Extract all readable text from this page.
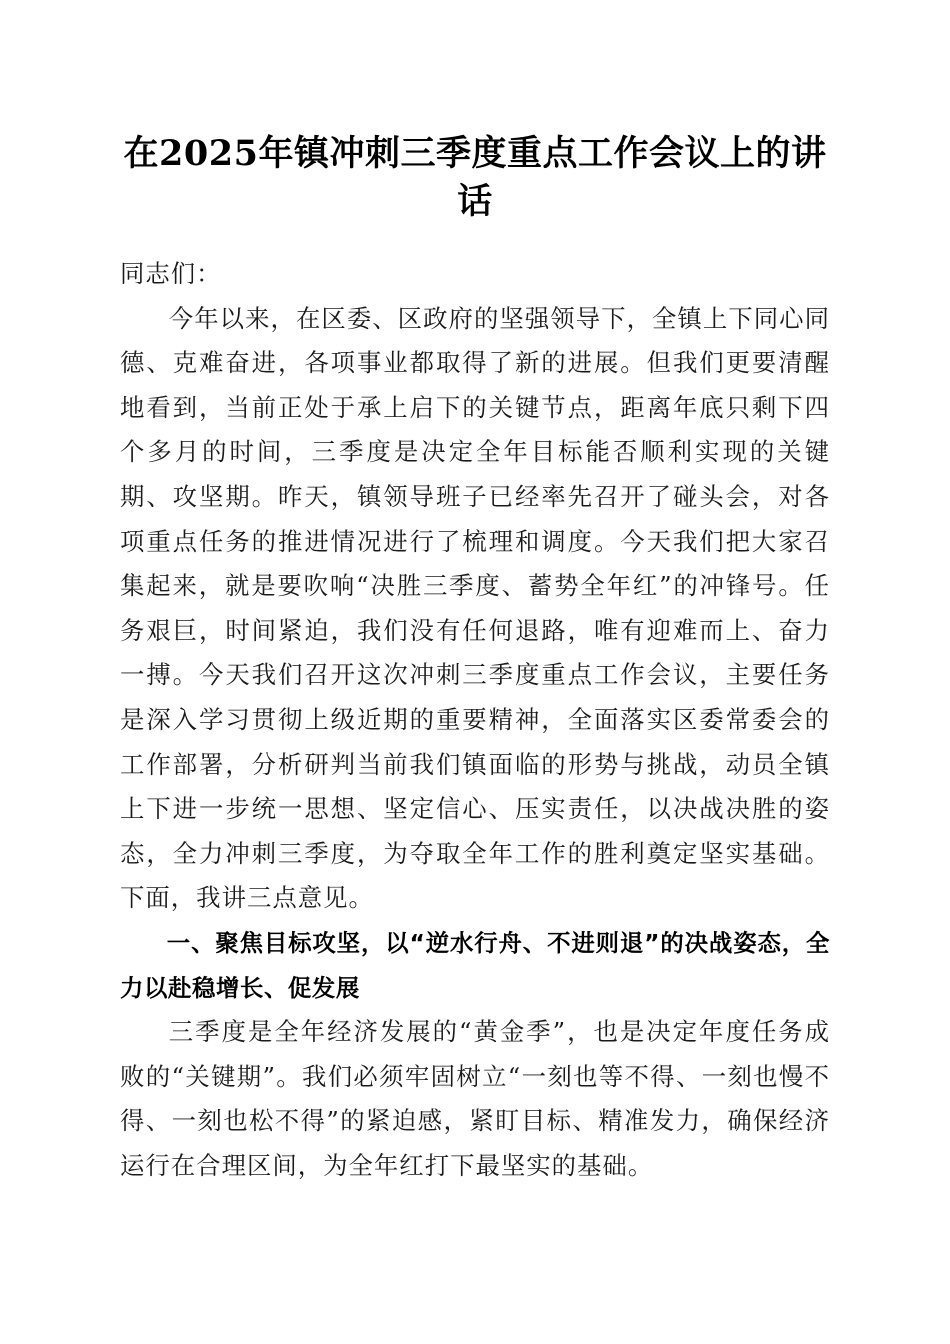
在2025年镇冲刺三季度重点工作会议上的讲话

同志们：

今年以来，在区委、区政府的坚强领导下，全镇上下同心同德、克难奋进，各项事业都取得了新的进展。但我们更要清醒地看到，当前正处于承上启下的关键节点，距离年底只剩下四个多月的时间，三季度是决定全年目标能否顺利实现的关键期、攻坚期。昨天，镇领导班子已经率先召开了碰头会，对各项重点任务的推进情况进行了梳理和调度。今天我们把大家召集起来，就是要吹响“决胜三季度、蓄势全年红”的冲锋号。任务艰巨，时间紧迫，我们没有任何退路，唯有迎难而上、奋力一搏。今天我们召开这次冲刺三季度重点工作会议，主要任务是深入学习贯彻上级近期的重要精神，全面落实区委常委会的工作部署，分析研判当前我们镇面临的形势与挑战，动员全镇上下进一步统一思想、坚定信心、压实责任，以决战决胜的姿态，全力冲刺三季度，为夺取全年工作的胜利奠定坚实基础。下面，我讲三点意见。

一、聚焦目标攻坚，以“逆水行舟、不进则退”的决战姿态，全力以赴稳增长、促发展

三季度是全年经济发展的“黄金季”，也是决定年度任务成败的“关键期”。我们必须牢固树立“一刻也等不得、一刻也慢不得、一刻也松不得”的紧迫感，紧盯目标、精准发力，确保经济运行在合理区间，为全年红打下最坚实的基础。
